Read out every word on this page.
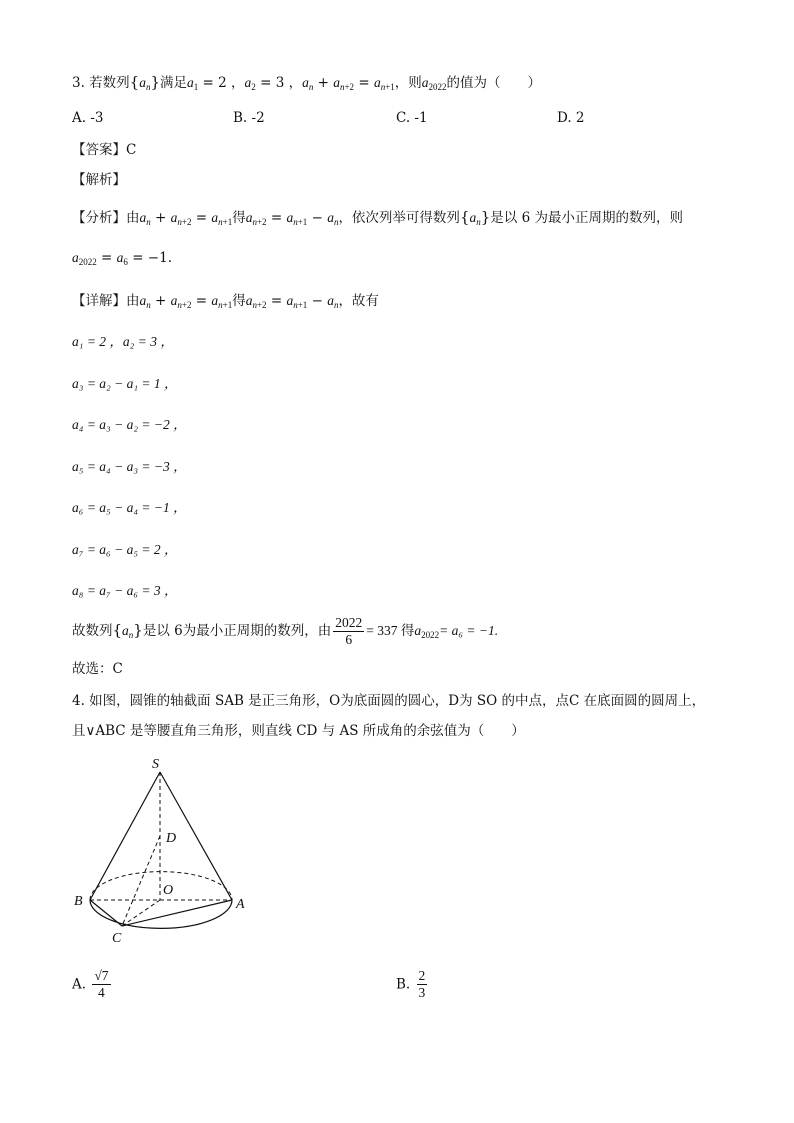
3. 若数列$\{a_n\}$满足$a_1 = 2$ ，$a_2 = 3$ ，$a_n + a_{n+2} = a_{n+1}$，则$a_{2022}$的值为（　　）
A. -3	B. -2	C. -1	D. 2
【答案】C
【解析】
【分析】由$a_n + a_{n+2} = a_{n+1}$得$a_{n+2} = a_{n+1} - a_n$，依次列举可得数列$\{a_n\}$是以 6 为最小正周期的数列，则
$a_{2022} = a_6 = -1$.
【详解】由$a_n + a_{n+2} = a_{n+1}$得$a_{n+2} = a_{n+1} - a_n$，故有
a₁ = 2 ，a₂ = 3 ，
a₃ = a₂ − a₁ = 1 ，
a₄ = a₃ − a₂ = −2 ，
a₅ = a₄ − a₃ = −3 ，
a₆ = a₅ − a₄ = −1 ，
a₇ = a₆ − a₅ = 2 ，
a₈ = a₇ − a₆ = 3 ，
故数列$\{a_n\}$是以 6为最小正周期的数列，由 $\frac{2022}{6} = 337$ 得$a_{2022}= a_6 = -1$.
故选：C
4. 如图，圆锥的轴截面 SAB 是正三角形，O为底面圆的圆心，D为 SO 的中点，点C 在底面圆的圆周上，
且∨ABC 是等腰直角三角形，则直线 CD 与 AS 所成角的余弦值为（　　）
S
D
O
B	A
C
A. $\frac{√7}{4}$	B. $\frac{2}{3}$
